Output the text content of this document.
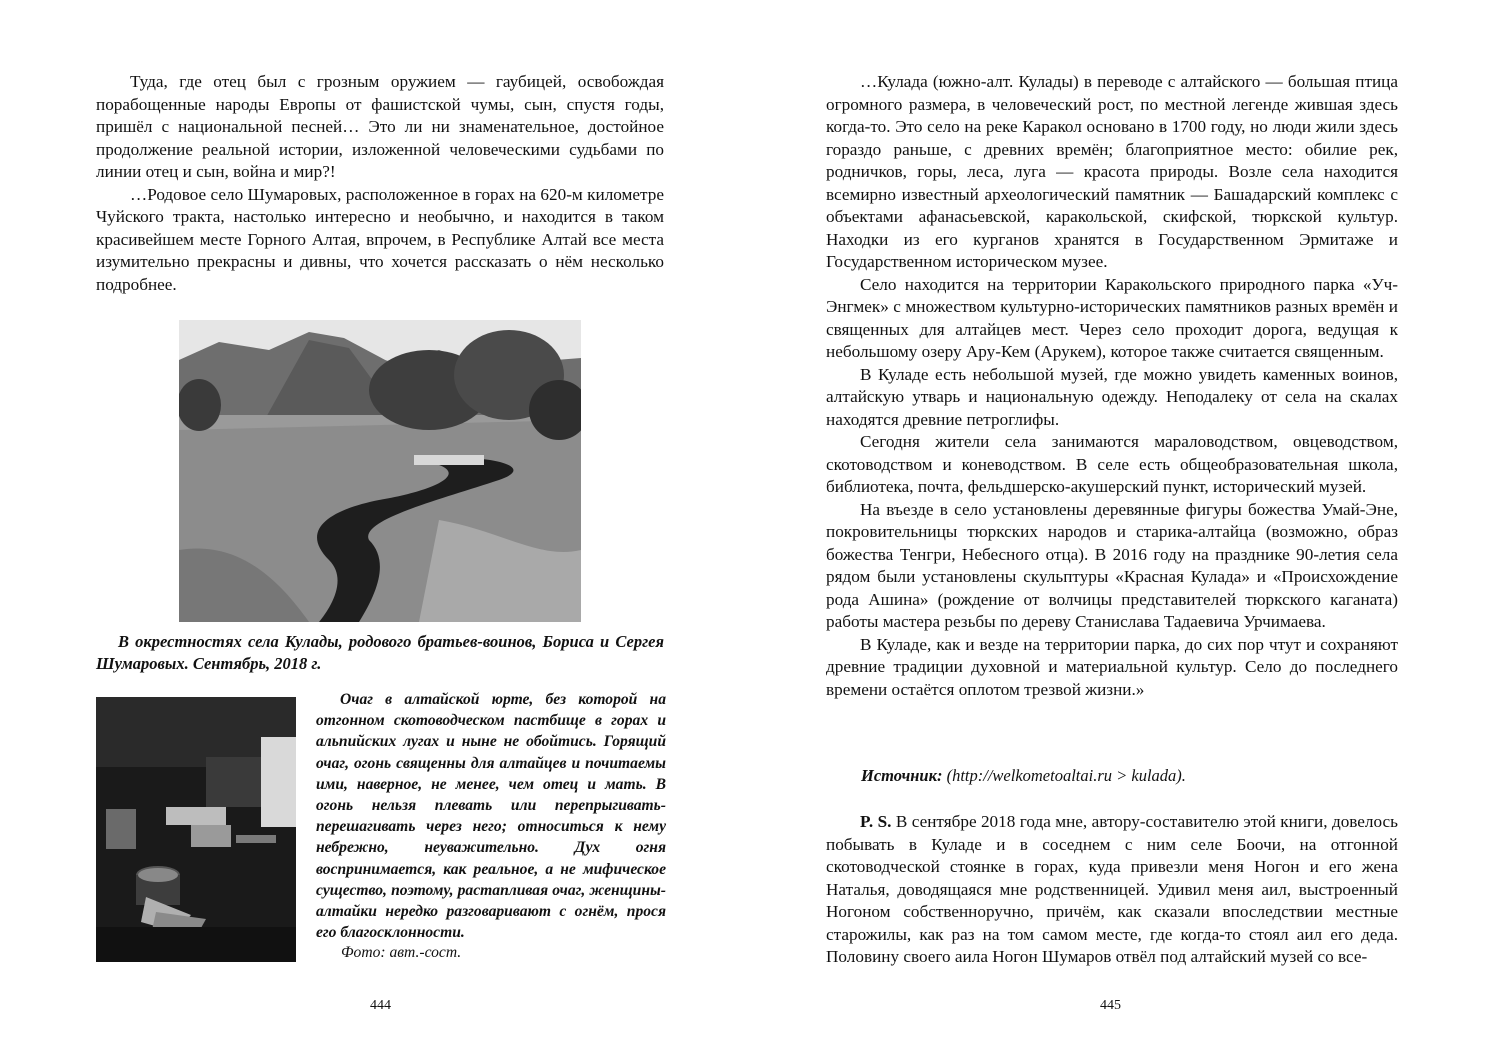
Туда, где отец был с грозным оружием — гаубицей, освобождая порабощенные народы Европы от фашистской чумы, сын, спустя годы, пришёл с национальной песней… Это ли ни знаменательное, достойное продолжение реальной истории, изложенной человеческими судьбами по линии отец и сын, война и мир?!

…Родовое село Шумаровых, расположенное в горах на 620-м километре Чуйского тракта, настолько интересно и необычно, и находится в таком красивейшем месте Горного Алтая, впрочем, в Республике Алтай все места изумительно прекрасны и дивны, что хочется рассказать о нём несколько подробнее.

В окрестностях села Кулады, родового братьев-воинов, Бориса и Сергея Шумаровых. Сентябрь, 2018 г.
Очаг в алтайской юрте, без которой на отгонном скотоводческом пастбище в горах и альпийских лугах и ныне не обойтись. Горящий очаг, огонь священны для алтайцев и почитаемы ими, наверное, не менее, чем отец и мать. В огонь нельзя плевать или перепрыгивать-перешагивать через него; относиться к нему небрежно, неуважительно. Дух огня воспринимается, как реальное, а не мифическое существо, поэтому, растапливая очаг, женщины-алтайки нередко разговаривают с огнём, прося его благосклонности.
Фото: авт.-сост.
444

…Кулада (южно-алт. Кулады) в переводе с алтайского — большая птица огромного размера, в человеческий рост, по местной легенде жившая здесь когда-то. Это село на реке Каракол основано в 1700 году, но люди жили здесь гораздо раньше, с древних времён; благоприятное место: обилие рек, родничков, горы, леса, луга — красота природы. Возле села находится всемирно известный археологический памятник — Башадарский комплекс с объектами афанасьевской, каракольской, скифской, тюркской культур. Находки из его курганов хранятся в Государственном Эрмитаже и Государственном историческом музее.

Село находится на территории Каракольского природного парка «Уч-Энгмек» с множеством культурно-исторических памятников разных времён и священных для алтайцев мест. Через село проходит дорога, ведущая к небольшому озеру Ару-Кем (Арукем), которое также считается священным.

В Куладе есть небольшой музей, где можно увидеть каменных воинов, алтайскую утварь и национальную одежду. Неподалеку от села на скалах находятся древние петроглифы.

Сегодня жители села занимаются мараловодством, овцеводством, скотоводством и коневодством. В селе есть общеобразовательная школа, библиотека, почта, фельдшерско-акушерский пункт, исторический музей.

На въезде в село установлены деревянные фигуры божества Умай-Эне, покровительницы тюркских народов и старика-алтайца (возможно, образ божества Тенгри, Небесного отца). В 2016 году на празднике 90-летия села рядом были установлены скульптуры «Красная Кулада» и «Происхождение рода Ашина» (рождение от волчицы представителей тюркского каганата) работы мастера резьбы по дереву Станислава Тадаевича Урчимаева.

В Куладе, как и везде на территории парка, до сих пор чтут и сохраняют древние традиции духовной и материальной культур. Село до последнего времени остаётся оплотом трезвой жизни.»

Источник: (http://welkometoaltai.ru > kulada).

P. S. В сентябре 2018 года мне, автору-составителю этой книги, довелось побывать в Куладе и в соседнем с ним селе Боочи, на отгонной скотоводческой стоянке в горах, куда привезли меня Ногон и его жена Наталья, доводящаяся мне родственницей. Удивил меня аил, выстроенный Ногоном собственноручно, причём, как сказали впоследствии местные старожилы, как раз на том самом месте, где когда-то стоял аил его деда. Половину своего аила Ногон Шумаров отвёл под алтайский музей со все-

445
